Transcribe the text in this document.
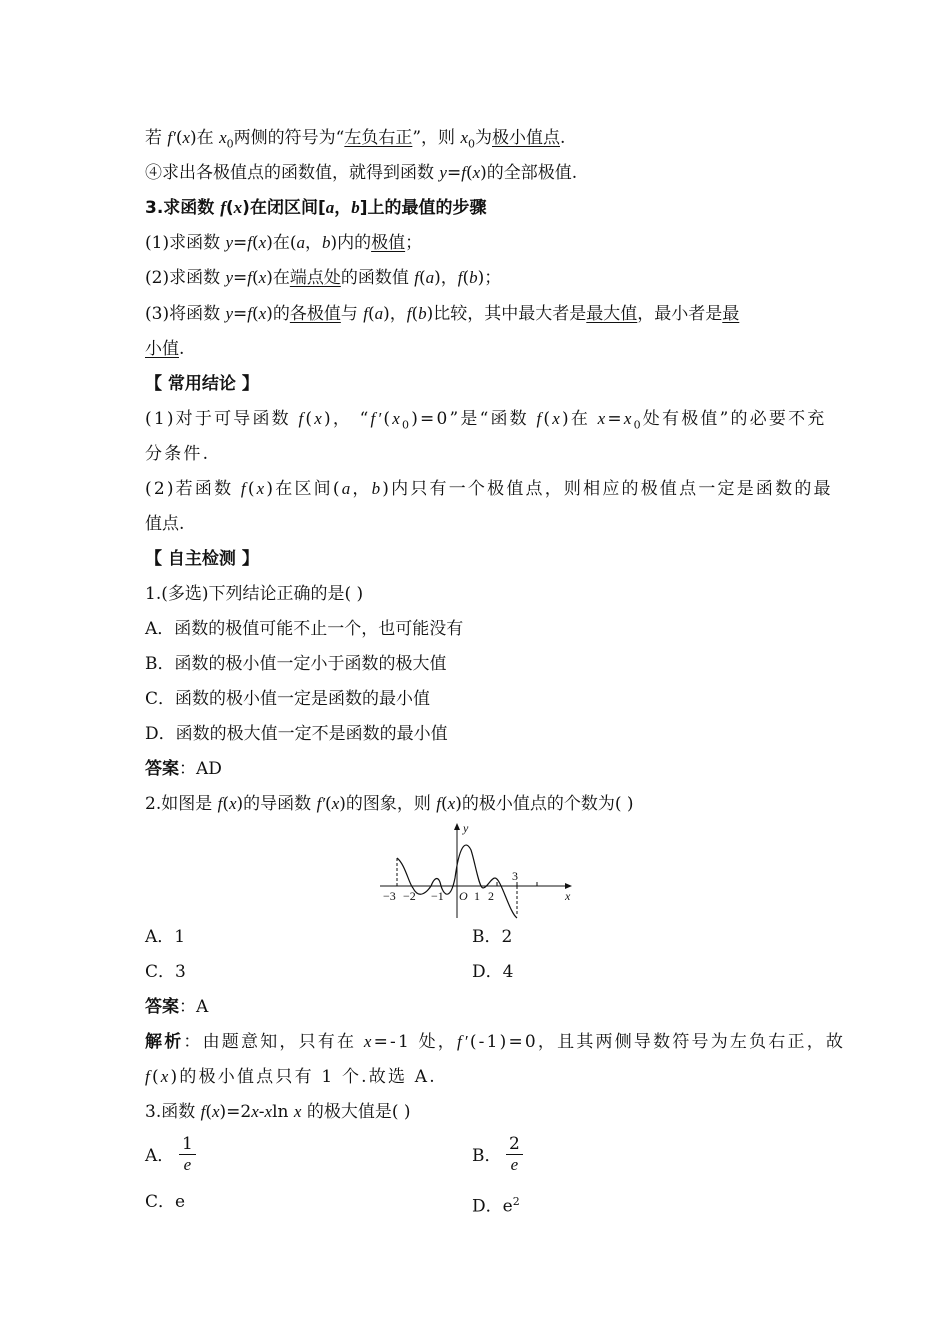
若 f′(x)在 $x_0$两侧的符号为“左负右正”，则 $x_0$为极小值点.
④求出各极值点的函数值，就得到函数 y=f(x)的全部极值.
3.求函数 f(x)在闭区间[a，b]上的最值的步骤
(1)求函数 y=f(x)在(a，b)内的极值；
(2)求函数 y=f(x)在端点处的函数值 f(a)，f(b)；
(3)将函数 y=f(x)的各极值与 f(a)，f(b)比较，其中最大者是最大值，最小者是最
小值.
【 常用结论 】
(1)对于可导函数 f(x)， “$f'(x_0)=0$”是“函数 f(x)在 $x=x_0$处有极值”的必要不充
分条件.
(2)若函数 f(x)在区间(a，b)内只有一个极值点，则相应的极值点一定是函数的最
值点.
【 自主检测 】
1.(多选)下列结论正确的是( )
A．函数的极值可能不止一个，也可能没有
B．函数的极小值一定小于函数的极大值
C．函数的极小值一定是函数的最小值
D．函数的极大值一定不是函数的最小值
答案：AD
2.如图是 f(x)的导函数 f′(x)的图象，则 f(x)的极小值点的个数为( )
y
x
O
−3 −2 −1	1 2
3
A．1	B．2
C．3	D．4
答案：A
解析：由题意知，只有在 x=-1 处，f′(-1)=0，且其两侧导数符号为左负右正，故
f(x)的极小值点只有 1 个.故选 A.
3.函数 f(x)=2x-xln x 的极大值是( )
A． $\frac{1}{e}$	B． $\frac{2}{e}$
C．e	D．$e^2$
